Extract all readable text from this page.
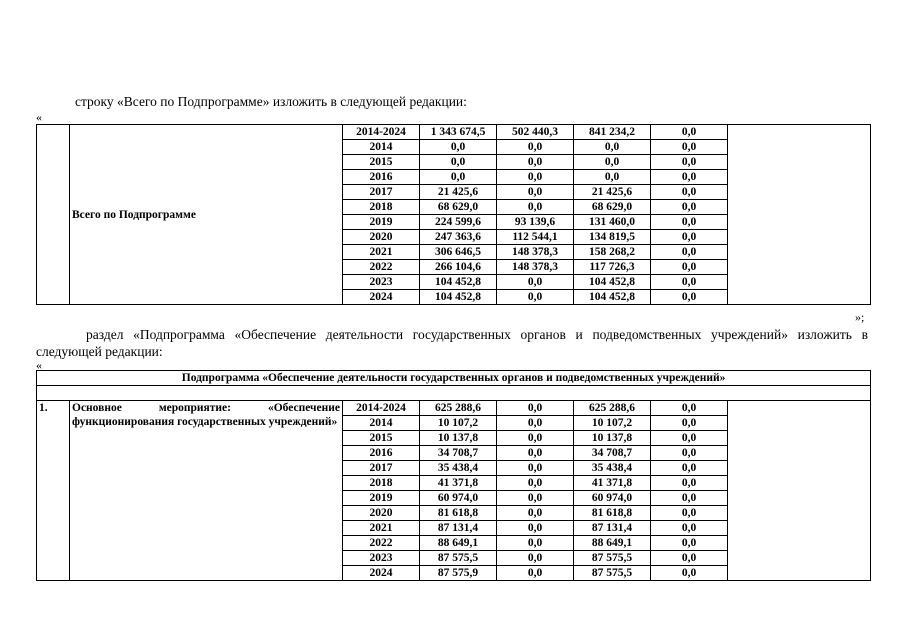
строку «Всего по Подпрограмме» изложить в следующей редакции:
«
	Всего по Подпрограмме	2014-2024	1 343 674,5	502 440,3	841 234,2	0,0	
		2014	0,0	0,0	0,0	0,0	
		2015	0,0	0,0	0,0	0,0	
		2016	0,0	0,0	0,0	0,0	
		2017	21 425,6	0,0	21 425,6	0,0	
		2018	68 629,0	0,0	68 629,0	0,0	
		2019	224 599,6	93 139,6	131 460,0	0,0	
		2020	247 363,6	112 544,1	134 819,5	0,0	
		2021	306 646,5	148 378,3	158 268,2	0,0	
		2022	266 104,6	148 378,3	117 726,3	0,0	
		2023	104 452,8	0,0	104 452,8	0,0	
		2024	104 452,8	0,0	104 452,8	0,0	
»;
раздел «Подпрограмма «Обеспечение деятельности государственных органов и подведомственных учреждений» изложить в следующей редакции:
«
Подпрограмма «Обеспечение деятельности государственных органов и подведомственных учреждений»							

1.	Основное мероприятие: «Обеспечение функционирования государственных учреждений»	2014-2024	625 288,6	0,0	625 288,6	0,0	
		2014	10 107,2	0,0	10 107,2	0,0	
		2015	10 137,8	0,0	10 137,8	0,0	
		2016	34 708,7	0,0	34 708,7	0,0	
		2017	35 438,4	0,0	35 438,4	0,0	
		2018	41 371,8	0,0	41 371,8	0,0	
		2019	60 974,0	0,0	60 974,0	0,0	
		2020	81 618,8	0,0	81 618,8	0,0	
		2021	87 131,4	0,0	87 131,4	0,0	
		2022	88 649,1	0,0	88 649,1	0,0	
		2023	87 575,5	0,0	87 575,5	0,0	
		2024	87 575,9	0,0	87 575,5	0,0	
